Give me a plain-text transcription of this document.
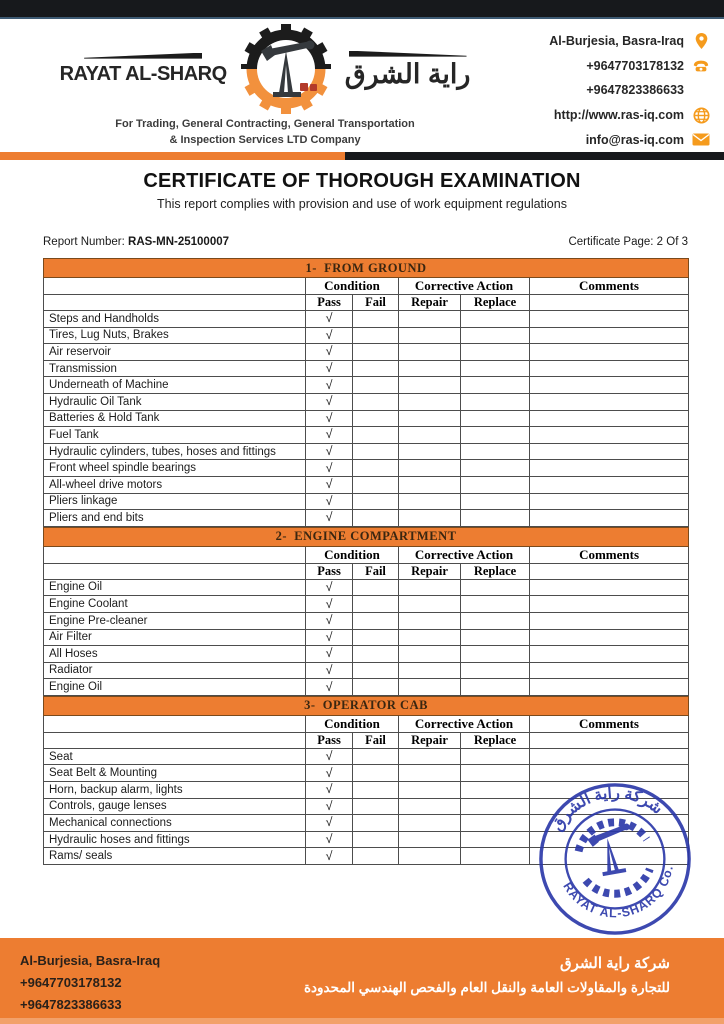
RAYAT AL-SHARQ	راية الشرق
For Trading, General Contracting, General Transportation
& Inspection Services LTD Company
Al-Burjesia, Basra-Iraq
+9647703178132
+9647823386633
http://www.ras-iq.com
info@ras-iq.com
CERTIFICATE OF THOROUGH EXAMINATION
This report complies with provision and use of work equipment regulations
Report Number: RAS-MN-25100007	Certificate Page: 2 Of 3
1-  FROM GROUND					
	Condition		Corrective Action		Comments
	Pass	Fail	Repair	Replace	
Steps and Handholds	√				
Tires, Lug Nuts, Brakes	√				
Air reservoir	√				
Transmission	√				
Underneath of Machine	√				
Hydraulic Oil Tank	√				
Batteries & Hold Tank	√				
Fuel Tank	√				
Hydraulic cylinders, tubes, hoses and fittings	√				
Front wheel spindle bearings	√				
All-wheel drive motors	√				
Pliers linkage	√				
Pliers and end bits	√				
2-  ENGINE COMPARTMENT					
	Condition		Corrective Action		Comments
	Pass	Fail	Repair	Replace	
Engine Oil	√				
Engine Coolant	√				
Engine Pre-cleaner	√				
Air Filter	√				
All Hoses	√				
Radiator	√				
Engine Oil	√				
3-  OPERATOR CAB					
	Condition		Corrective Action		Comments
	Pass	Fail	Repair	Replace	
Seat	√				
Seat Belt & Mounting	√				
Horn, backup alarm, lights	√				
Controls, gauge lenses	√				
Mechanical connections	√				
Hydraulic hoses and fittings	√				
Rams/ seals	√				
شركة راية الشرق
RAYAT AL-SHARQ Co.
Al-Burjesia, Basra-Iraq
+9647703178132
+9647823386633
شركة راية الشرق
للتجارة والمقاولات العامة والنقل العام والفحص الهندسي المحدودة
